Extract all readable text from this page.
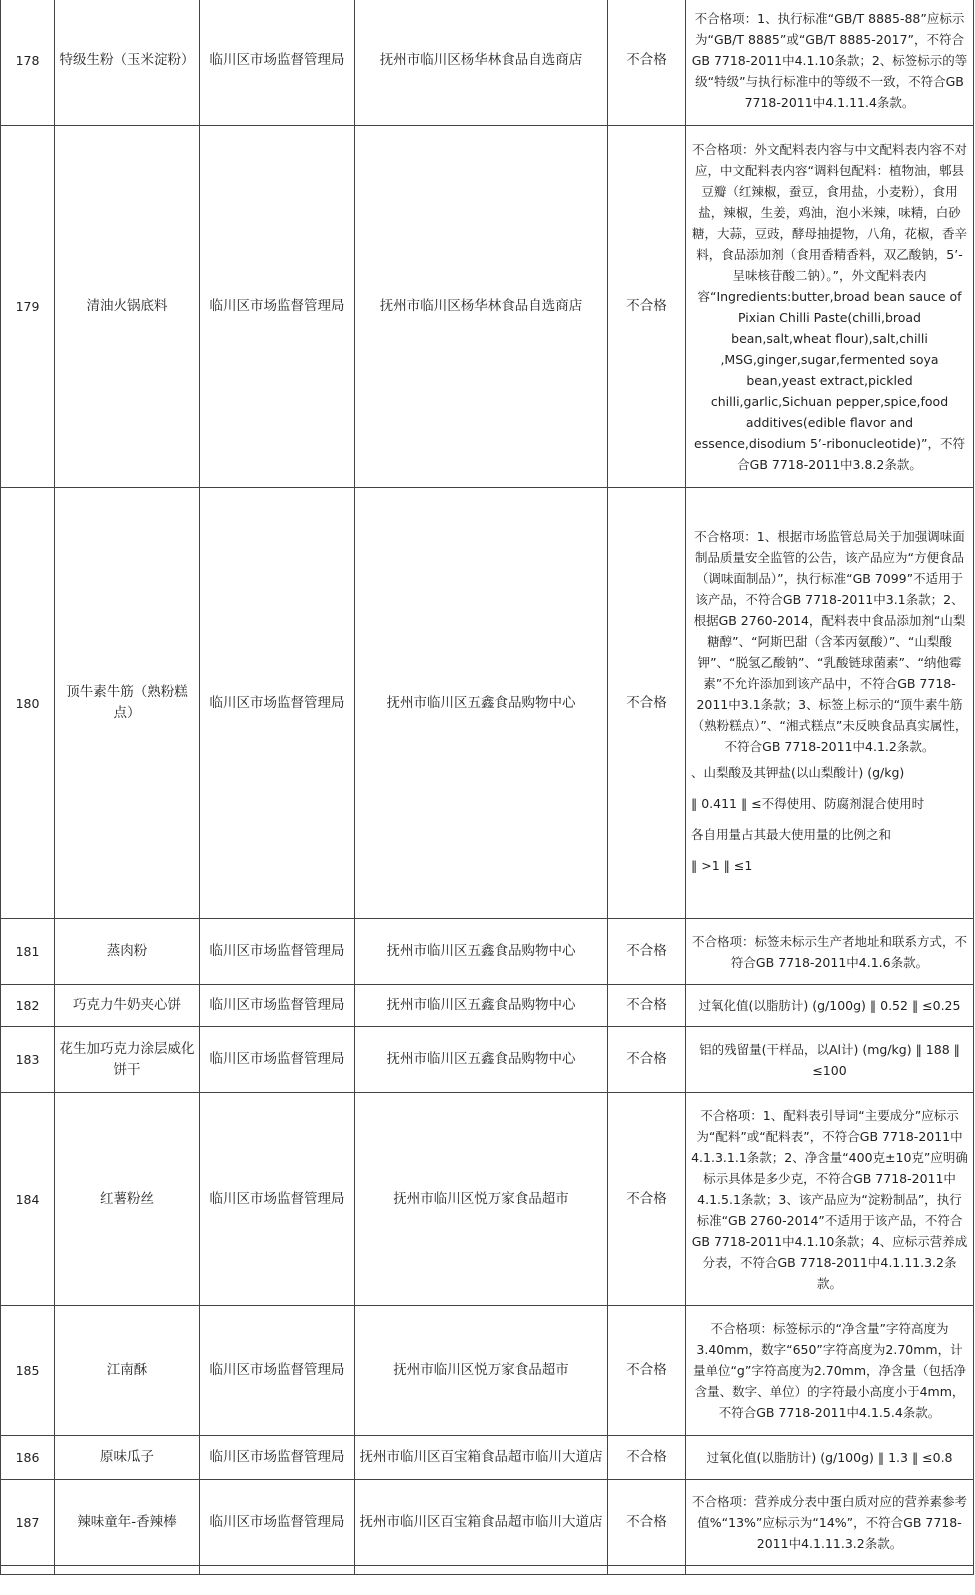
178	特级生粉（玉米淀粉）	临川区市场监督管理局	抚州市临川区杨华林食品自选商店	不合格	不合格项：1、执行标准“GB/T 8885-88”应标示为“GB/T 8885”或“GB/T 8885-2017”，不符合GB 7718-2011中4.1.10条款；2、标签标示的等级“特级”与执行标准中的等级不一致，不符合GB 7718-2011中4.1.11.4条款。

179	清油火锅底料	临川区市场监督管理局	抚州市临川区杨华林食品自选商店	不合格	不合格项：外文配料表内容与中文配料表内容不对应，中文配料表内容“调料包配料：植物油，郫县豆瓣（红辣椒，蚕豆，食用盐，小麦粉），食用盐，辣椒，生姜，鸡油，泡小米辣，味精，白砂糖，大蒜，豆豉，酵母抽提物，八角，花椒，香辛料，食品添加剂（食用香精香料，双乙酸钠，5’-呈味核苷酸二钠）。”，外文配料表内容“Ingredients:butter,broad bean sauce of Pixian Chilli Paste(chilli,broad bean,salt,wheat flour),salt,chilli ,MSG,ginger,sugar,fermented soya bean,yeast extract,pickled chilli,garlic,Sichuan pepper,spice,food additives(edible flavor and essence,disodium 5’-ribonucleotide)”，不符合GB 7718-2011中3.8.2条款。

180	顶牛素牛筋（熟粉糕点）	临川区市场监督管理局	抚州市临川区五鑫食品购物中心	不合格	不合格项：1、根据市场监管总局关于加强调味面制品质量安全监管的公告，该产品应为“方便食品（调味面制品）”，执行标准“GB 7099”不适用于该产品，不符合GB 7718-2011中3.1条款；2、根据GB 2760-2014，配料表中食品添加剂“山梨糖醇”、“阿斯巴甜（含苯丙氨酸）”、“山梨酸钾”、“脱氢乙酸钠”、“乳酸链球菌素”、“纳他霉素”不允许添加到该产品中，不符合GB 7718-2011中3.1条款；3、标签上标示的“顶牛素牛筋（熟粉糕点）”、“湘式糕点”未反映食品真实属性，不符合GB 7718-2011中4.1.2条款。
、山梨酸及其钾盐(以山梨酸计) (g/kg)
‖ 0.411 ‖ ≤不得使用、防腐剂混合使用时
各自用量占其最大使用量的比例之和
‖ >1 ‖ ≤1

181	蒸肉粉	临川区市场监督管理局	抚州市临川区五鑫食品购物中心	不合格	不合格项：标签未标示生产者地址和联系方式，不符合GB 7718-2011中4.1.6条款。

182	巧克力牛奶夹心饼	临川区市场监督管理局	抚州市临川区五鑫食品购物中心	不合格	过氧化值(以脂肪计) (g/100g) ‖ 0.52 ‖ ≤0.25

183	花生加巧克力涂层威化饼干	临川区市场监督管理局	抚州市临川区五鑫食品购物中心	不合格	铝的残留量(干样品，以Al计) (mg/kg) ‖ 188 ‖ ≤100

184	红薯粉丝	临川区市场监督管理局	抚州市临川区悦万家食品超市	不合格	不合格项：1、配料表引导词“主要成分”应标示为“配料”或“配料表”，不符合GB 7718-2011中4.1.3.1.1条款；2、净含量“400克±10克”应明确标示具体是多少克，不符合GB 7718-2011中4.1.5.1条款；3、该产品应为“淀粉制品”，执行标准“GB 2760-2014”不适用于该产品，不符合GB 7718-2011中4.1.10条款；4、应标示营养成分表，不符合GB 7718-2011中4.1.11.3.2条款。

185	江南酥	临川区市场监督管理局	抚州市临川区悦万家食品超市	不合格	不合格项：标签标示的“净含量”字符高度为3.40mm，数字“650”字符高度为2.70mm，计量单位“g”字符高度为2.70mm，净含量（包括净含量、数字、单位）的字符最小高度小于4mm，不符合GB 7718-2011中4.1.5.4条款。

186	原味瓜子	临川区市场监督管理局	抚州市临川区百宝箱食品超市临川大道店	不合格	过氧化值(以脂肪计) (g/100g) ‖ 1.3 ‖ ≤0.8

187	辣味童年-香辣棒	临川区市场监督管理局	抚州市临川区百宝箱食品超市临川大道店	不合格	不合格项：营养成分表中蛋白质对应的营养素参考值%“13%”应标示为“14%”，不符合GB 7718-2011中4.1.11.3.2条款。
